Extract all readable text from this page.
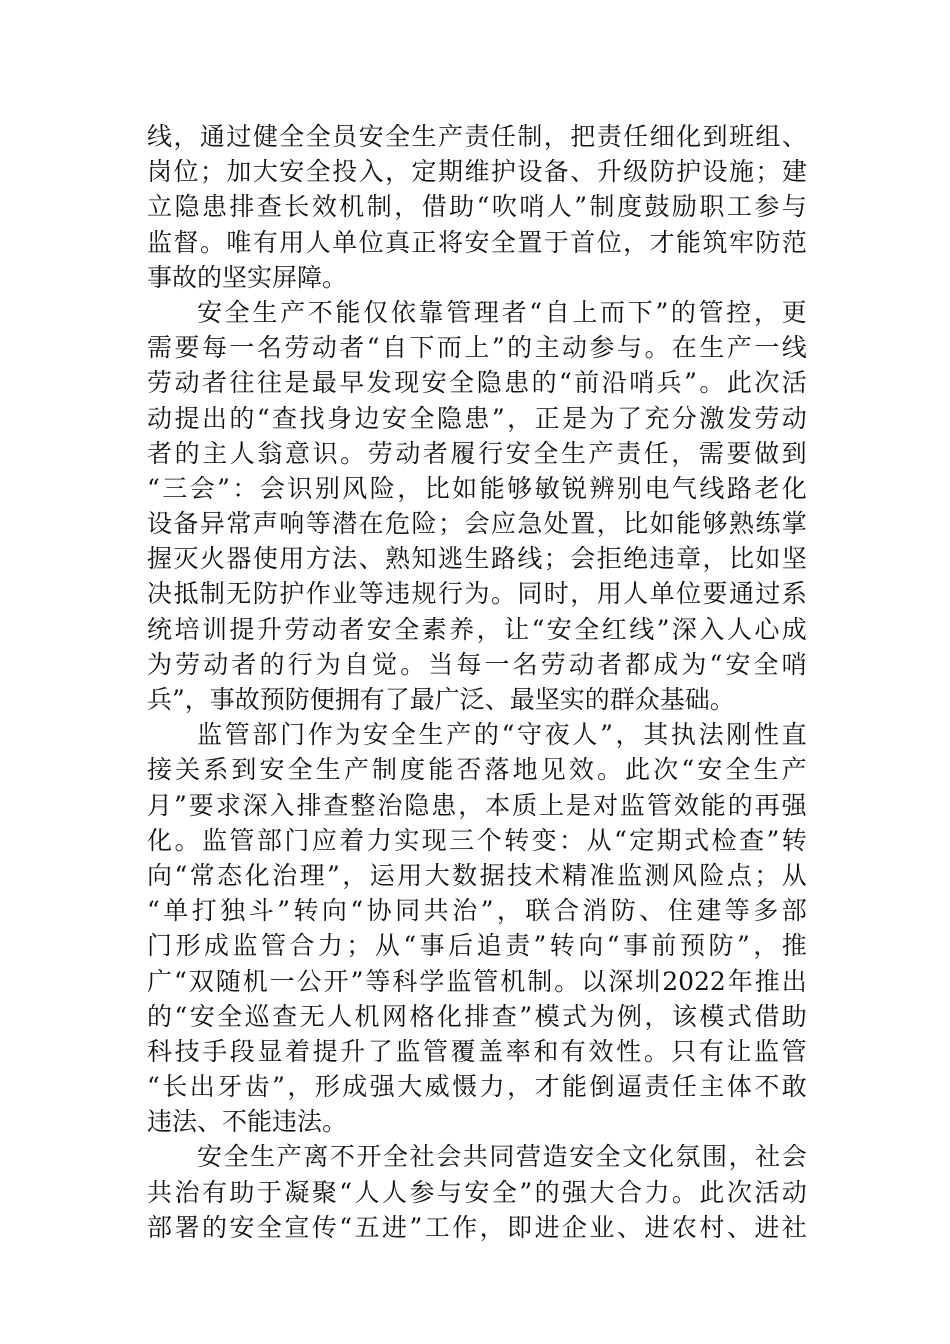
线 ， 通 过 健 全 全 员 安 全 生 产 责 任 制 ， 把 责 任 细 化 到 班 组 、
岗 位 ； 加 大 安 全 投 入 ， 定 期 维 护 设 备 、 升 级 防 护 设 施 ； 建
立 隐 患 排 查 长 效 机 制 ， 借 助 “ 吹 哨 人 ” 制 度 鼓 励 职 工 参 与
监 督 。 唯 有 用 人 单 位 真 正 将 安 全 置 于 首 位 ， 才 能 筑 牢 防 范
事故的坚实屏障。
安 全 生 产 不 能 仅 依 靠 管 理 者 “ 自 上 而 下 ” 的 管 控 ， 更
需 要 每 一 名 劳 动 者 “ 自 下 而 上 ” 的 主 动 参 与 。 在 生 产 一 线
劳 动 者 往 往 是 最 早 发 现 安 全 隐 患 的 “ 前 沿 哨 兵 ” 。 此 次 活
动 提 出 的 “ 查 找 身 边 安 全 隐 患 ” ， 正 是 为 了 充 分 激 发 劳 动
者 的 主 人 翁 意 识 。 劳 动 者 履 行 安 全 生 产 责 任 ， 需 要 做 到
“ 三 会 ” ： 会 识 别 风 险 ， 比 如 能 够 敏 锐 辨 别 电 气 线 路 老 化
设 备 异 常 声 响 等 潜 在 危 险 ； 会 应 急 处 置 ， 比 如 能 够 熟 练 掌
握 灭 火 器 使 用 方 法 、 熟 知 逃 生 路 线 ； 会 拒 绝 违 章 ， 比 如 坚
决 抵 制 无 防 护 作 业 等 违 规 行 为 。 同 时 ， 用 人 单 位 要 通 过 系
统 培 训 提 升 劳 动 者 安 全 素 养 ， 让 “ 安 全 红 线 ” 深 入 人 心 成
为 劳 动 者 的 行 为 自 觉 。 当 每 一 名 劳 动 者 都 成 为 “ 安 全 哨
兵”，事故预防便拥有了最广泛、最坚实的群众基础。
监 管 部 门 作 为 安 全 生 产 的 “ 守 夜 人 ” ， 其 执 法 刚 性 直
接 关 系 到 安 全 生 产 制 度 能 否 落 地 见 效 。 此 次 “ 安 全 生 产
月 ” 要 求 深 入 排 查 整 治 隐 患 ， 本 质 上 是 对 监 管 效 能 的 再 强
化 。 监 管 部 门 应 着 力 实 现 三 个 转 变 ： 从 “ 定 期 式 检 查 ” 转
向 “ 常 态 化 治 理 ” ， 运 用 大 数 据 技 术 精 准 监 测 风 险 点 ； 从
“ 单 打 独 斗 ” 转 向 “ 协 同 共 治 ” ， 联 合 消 防 、 住 建 等 多 部
门 形 成 监 管 合 力 ； 从 “ 事 后 追 责 ” 转 向 “ 事 前 预 防 ” ， 推
广 “ 双 随 机 一 公 开 ” 等 科 学 监 管 机 制 。 以 深 圳 2022 年 推 出
的 “ 安 全 巡 查 无 人 机 网 格 化 排 查 ” 模 式 为 例 ， 该 模 式 借 助
科 技 手 段 显 着 提 升 了 监 管 覆 盖 率 和 有 效 性 。 只 有 让 监 管
“ 长 出 牙 齿 ” ， 形 成 强 大 威 慑 力 ， 才 能 倒 逼 责 任 主 体 不 敢
违法、不能违法。
安 全 生 产 离 不 开 全 社 会 共 同 营 造 安 全 文 化 氛 围 ， 社 会
共 治 有 助 于 凝 聚 “ 人 人 参 与 安 全 ” 的 强 大 合 力 。 此 次 活 动
部 署 的 安 全 宣 传 “ 五 进 ” 工 作 ， 即 进 企 业 、 进 农 村 、 进 社
